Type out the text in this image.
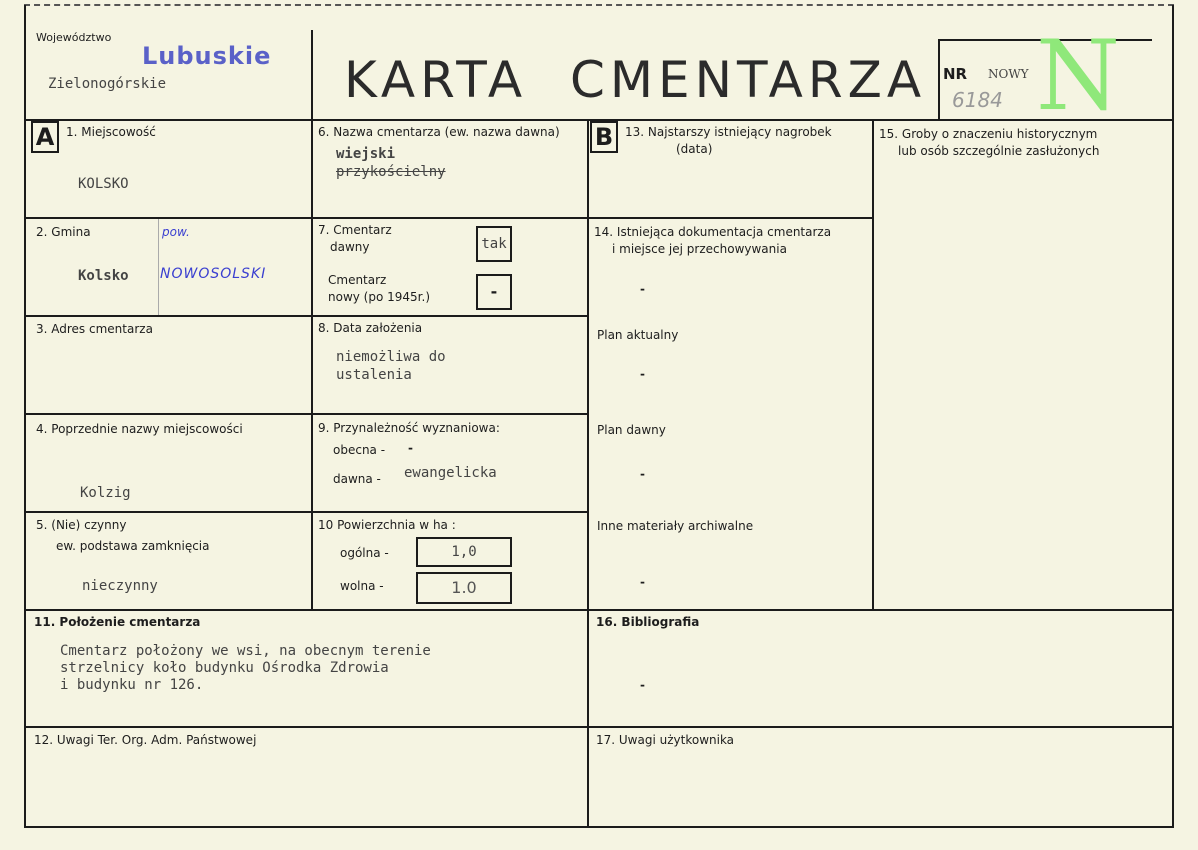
Województwo
Lubuskie
Zielonogórskie	KARTA CMENTARZA NR NOWY
6184 N
A	B
1. Miejscowość
KOLSKO
2. Gmina
Kolsko
pow.
NOWOSOLSKI
3. Adres cmentarza
4. Poprzednie nazwy miejscowości
Kolzig
5. (Nie) czynny
ew. podstawa zamknięcia
nieczynny
6. Nazwa cmentarza (ew. nazwa dawna)
wiejski
przykościelny
7. Cmentarz
dawny	tak
Cmentarz
nowy (po 1945r.)	-
8. Data założenia
niemożliwa do
ustalenia
9. Przynależność wyznaniowa:
obecna - -
dawna - ewangelicka
10 Powierzchnia w ha :
ogólna -	1,0
wolna -	1.0
13. Najstarszy istniejący nagrobek
(data)
14. Istniejąca dokumentacja cmentarza
i miejsce jej przechowywania
-
Plan aktualny
-
Plan dawny
-
Inne materiały archiwalne
-
15. Groby o znaczeniu historycznym
lub osób szczególnie zasłużonych
11. Położenie cmentarza
Cmentarz położony we wsi, na obecnym terenie
strzelnicy koło budynku Ośrodka Zdrowia
i budynku nr 126.
16. Bibliografia
-
12. Uwagi Ter. Org. Adm. Państwowej	17. Uwagi użytkownika
